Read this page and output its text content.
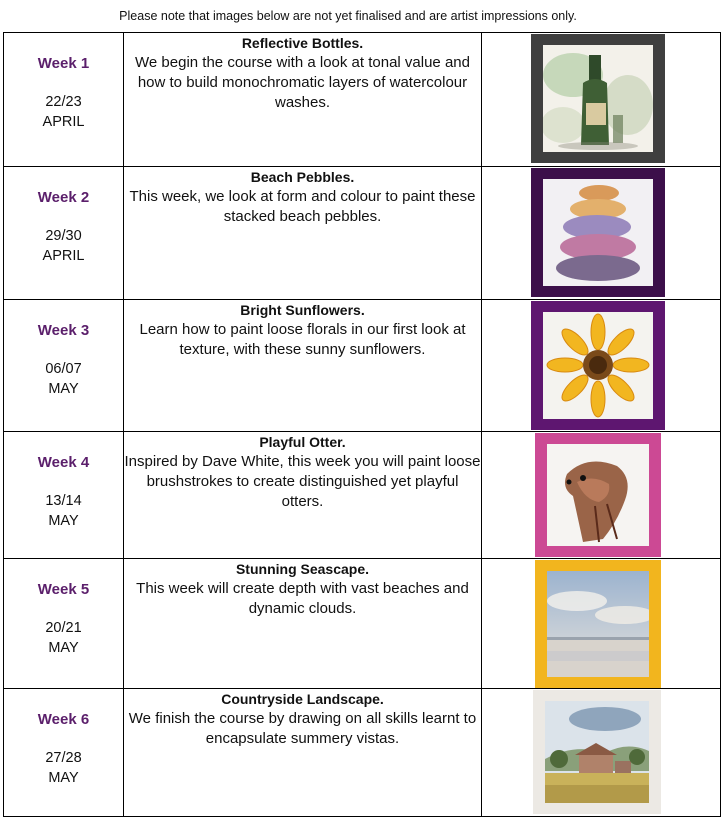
Please note that images below are not yet finalised and are artist impressions only.
Week 1
22/23
APRIL	Reflective Bottles.
We begin the course with a look at tonal value and how to build monochromatic layers of watercolour washes.	

Week 2
29/30
APRIL	Beach Pebbles.
This week, we look at form and colour to paint these stacked beach pebbles.	

Week 3
06/07
MAY	Bright Sunflowers.
Learn how to paint loose florals in our first look at texture, with these sunny sunflowers.	

Week 4
13/14
MAY	Playful Otter.
Inspired by Dave White, this week you will paint loose brushstrokes to create distinguished yet playful otters.	

Week 5
20/21
MAY	Stunning Seascape.
This week will create depth with vast beaches and dynamic clouds.	

Week 6
27/28
MAY	Countryside Landscape.
We finish the course by drawing on all skills learnt to encapsulate summery vistas.	
